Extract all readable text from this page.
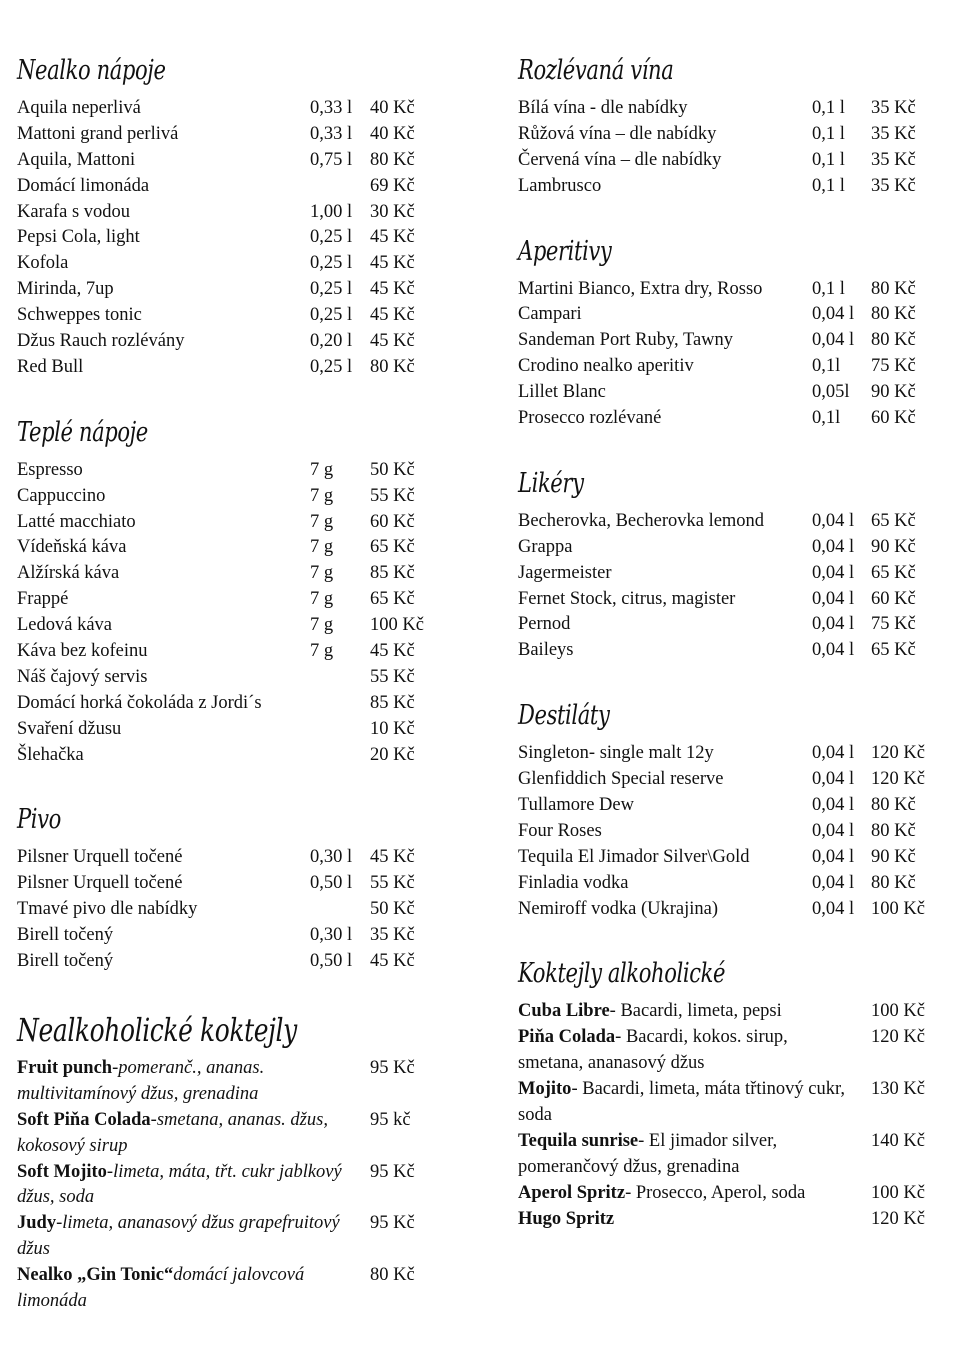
Nealko nápoje
Aquila neperlivá	0,33 l 40 Kč
Mattoni grand perlivá	0,33 l 40 Kč
Aquila, Mattoni	0,75 l 80 Kč
Domácí limonáda	69 Kč
Karafa s vodou	1,00 l 30 Kč
Pepsi Cola, light	0,25 l 45 Kč
Kofola	0,25 l 45 Kč
Mirinda, 7up	0,25 l 45 Kč
Schweppes tonic	0,25 l 45 Kč
Džus Rauch rozlévány	0,20 l 45 Kč
Red Bull	0,25 l 80 Kč
Teplé nápoje
Espresso	7 g 50 Kč
Cappuccino	7 g 55 Kč
Latté macchiato	7 g 60 Kč
Vídeňská káva	7 g 65 Kč
Alžírská káva	7 g 85 Kč
Frappé	7 g 65 Kč
Ledová káva	7 g 100 Kč
Káva bez kofeinu	7 g 45 Kč
Náš čajový servis	55 Kč
Domácí horká čokoláda z Jordi´s	85 Kč
Svaření džusu	10 Kč
Šlehačka	20 Kč
Pivo
Pilsner Urquell točené	0,30 l 45 Kč
Pilsner Urquell točené	0,50 l 55 Kč
Tmavé pivo dle nabídky	50 Kč
Birell točený	0,30 l 35 Kč
Birell točený	0,50 l 45 Kč
Nealkoholické koktejly
Fruit punch-pomeranč., ananas. multivitamínový džus, grenadina
95 Kč
Soft Piňa Colada-smetana, ananas. džus, kokosový sirup
95 kč
Soft Mojito-limeta, máta, třt. cukr jablkový džus, soda
95 Kč
Judy-limeta, ananasový džus grapefruitový džus
95 Kč
Nealko „Gin Tonic“domácí jalovcová limonáda
80 Kč
Rozlévaná vína
Bílá vína - dle nabídky	0,1 l 35 Kč
Růžová vína – dle nabídky	0,1 l 35 Kč
Červená vína – dle nabídky	0,1 l 35 Kč
Lambrusco	0,1 l 35 Kč
Aperitivy
Martini Bianco, Extra dry, Rosso	0,1 l 80 Kč
Campari	0,04 l 80 Kč
Sandeman Port Ruby, Tawny	0,04 l 80 Kč
Crodino nealko aperitiv	0,1l 75 Kč
Lillet Blanc	0,05l 90 Kč
Prosecco rozlévané	0,1l 60 Kč
Likéry
Becherovka, Becherovka lemond	0,04 l 65 Kč
Grappa	0,04 l 90 Kč
Jagermeister	0,04 l 65 Kč
Fernet Stock, citrus, magister	0,04 l 60 Kč
Pernod	0,04 l 75 Kč
Baileys	0,04 l 65 Kč
Destiláty
Singleton- single malt 12y	0,04 l 120 Kč
Glenfiddich Special reserve	0,04 l 120 Kč
Tullamore Dew	0,04 l 80 Kč
Four Roses	0,04 l 80 Kč
Tequila El Jimador Silver\Gold	0,04 l 90 Kč
Finladia vodka	0,04 l 80 Kč
Nemiroff vodka (Ukrajina)	0,04 l 100 Kč
Koktejly alkoholické
Cuba Libre- Bacardi, limeta, pepsi	100 Kč
Piňa Colada- Bacardi, kokos. sirup, smetana, ananasový džus
120 Kč
Mojito- Bacardi, limeta, máta třtinový cukr, soda
130 Kč
Tequila sunrise- El jimador silver, pomerančový džus, grenadina
140 Kč
Aperol Spritz- Prosecco, Aperol, soda	100 Kč
Hugo Spritz	120 Kč
